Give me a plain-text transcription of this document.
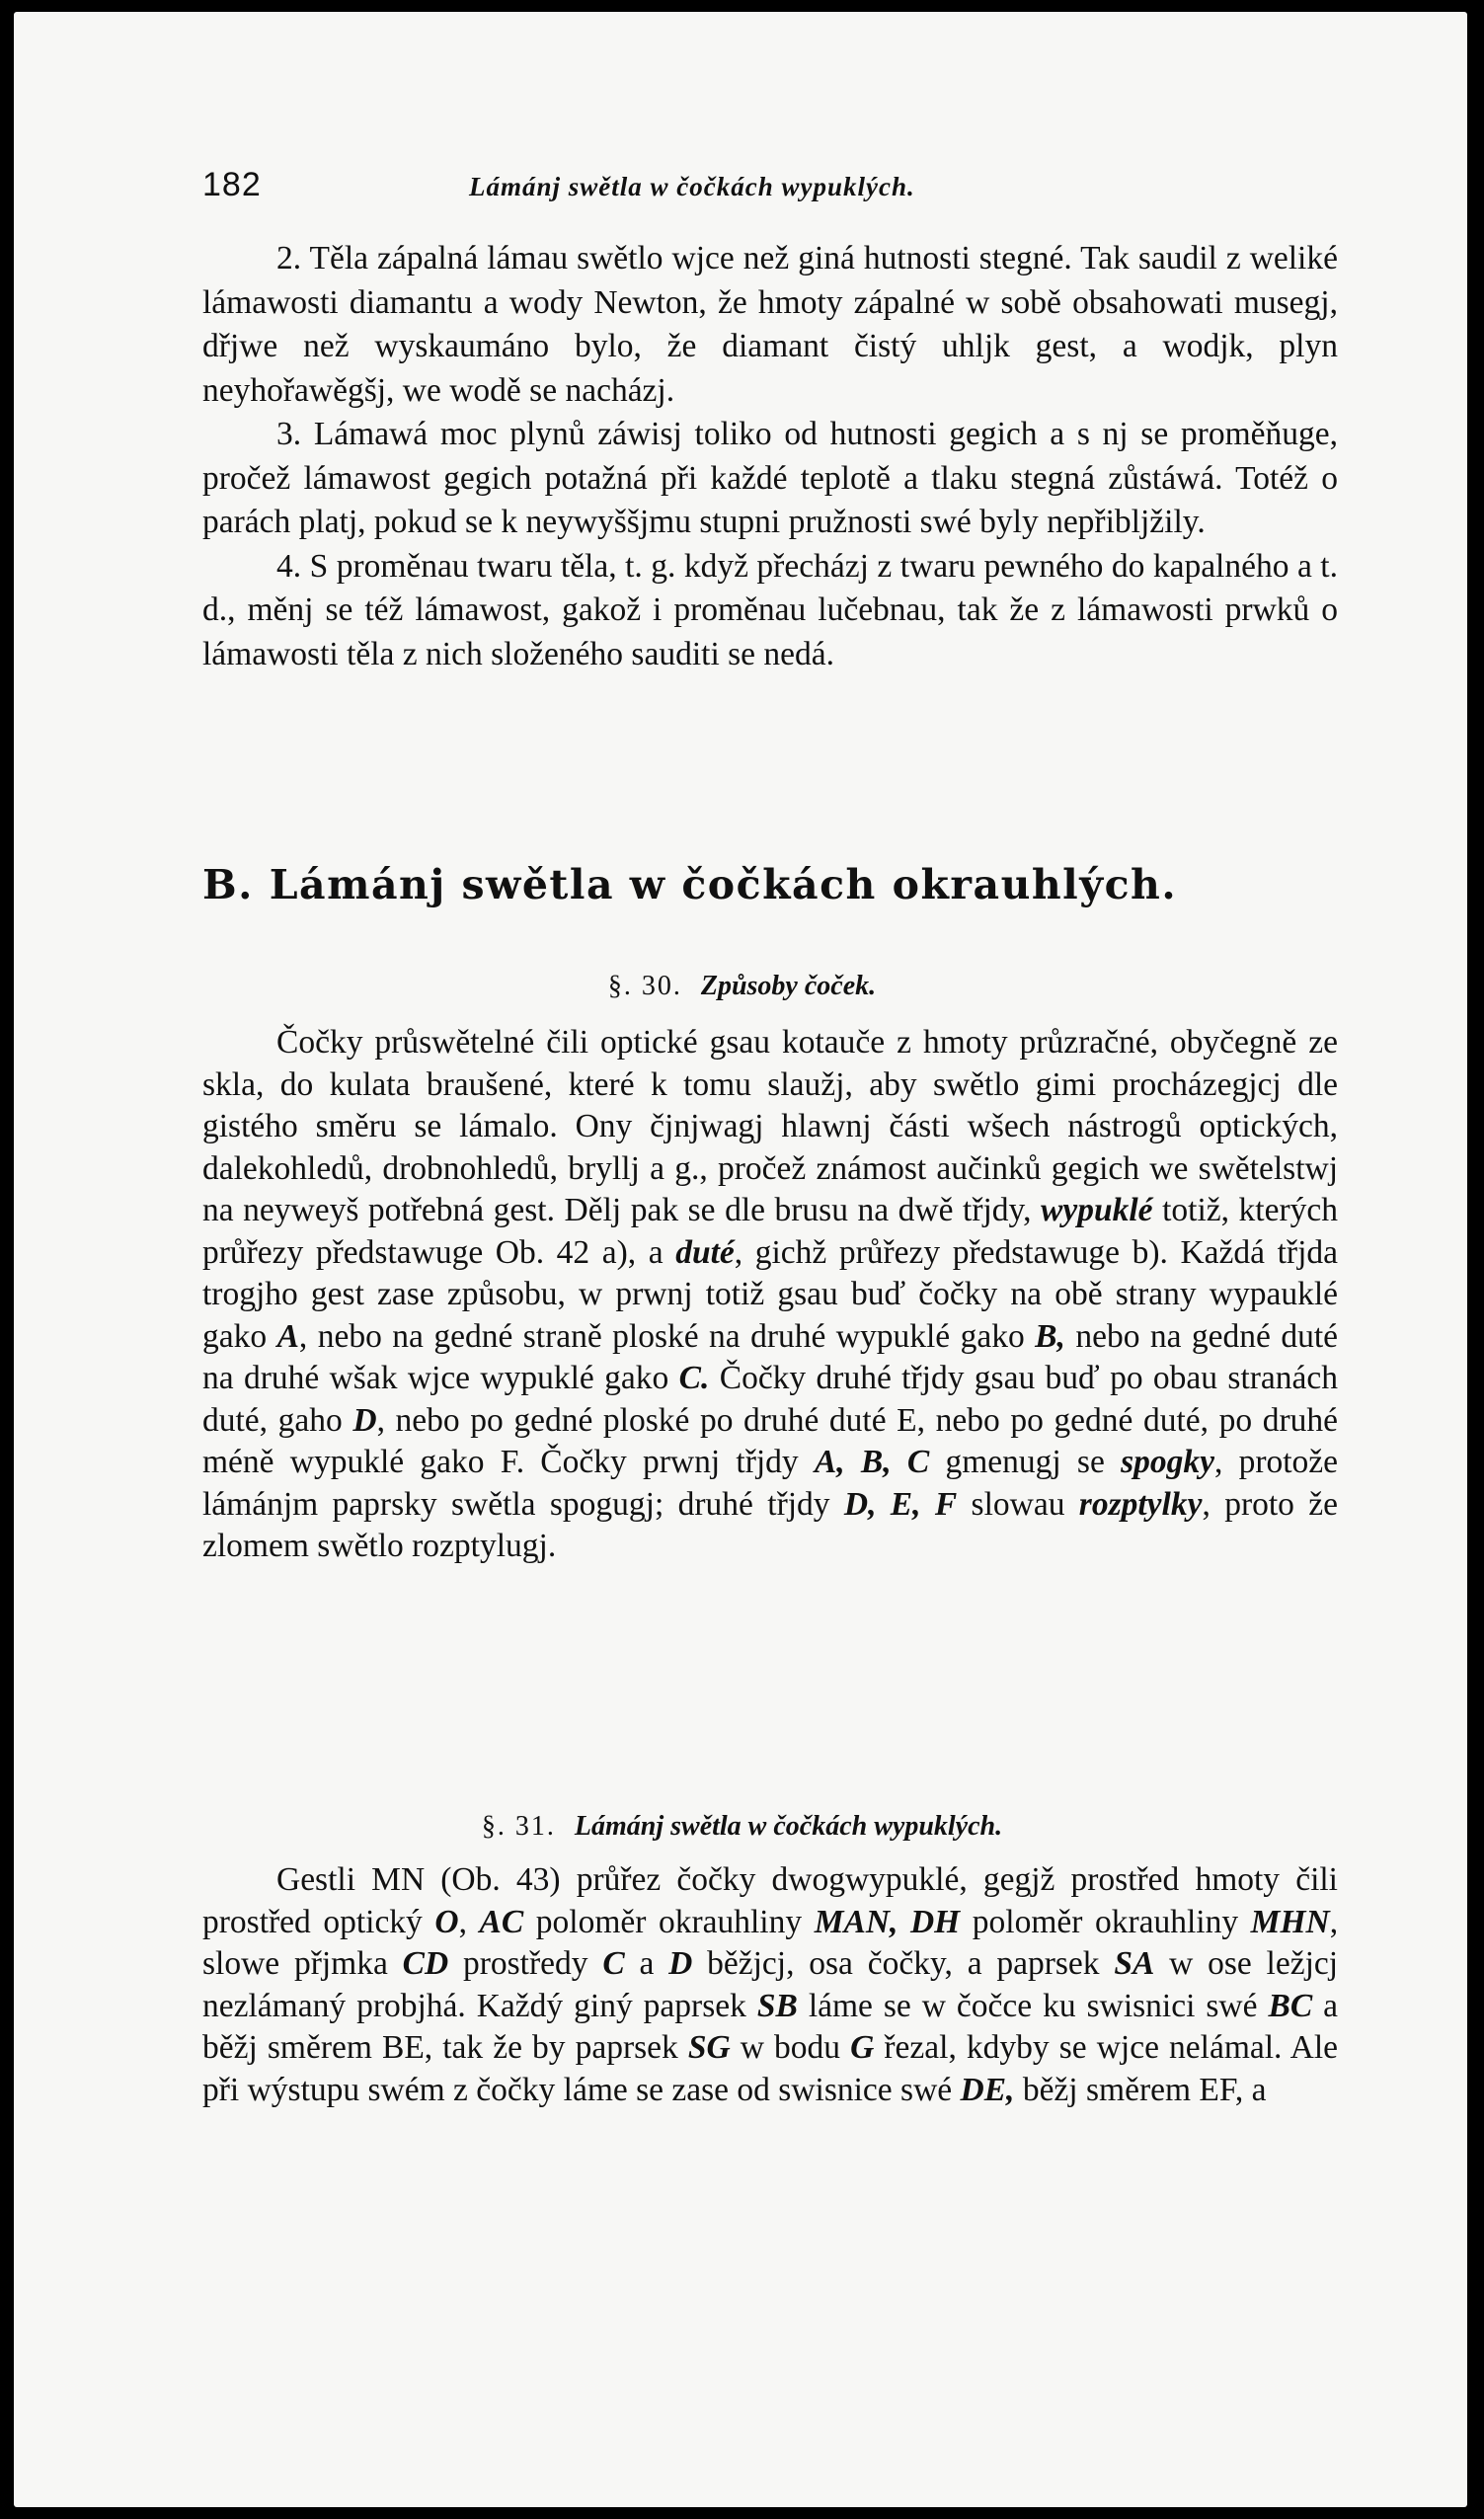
182	Lámánj swětla w čočkách wypuklých.

2. Těla zápalná lámau swětlo wjce než giná hutnosti stegné. Tak saudil z weliké lámawosti diamantu a wody Newton, že hmoty zápalné w sobě obsahowati musegj, dřjwe než wyskaumáno bylo, že diamant čistý uhljk gest, a wodjk, plyn neyhořawěgšj, we wodě se nacházj.

3. Lámawá moc plynů záwisj toliko od hutnosti gegich a s nj se proměňuge, pročež lámawost gegich potažná při každé teplotě a tlaku stegná zůstáwá. Totéž o parách platj, pokud se k neywyššjmu stupni pružnosti swé byly nepřibljžily.

4. S proměnau twaru těla, t. g. když přecházj z twaru pewného do kapalného a t. d., měnj se též lámawost, gakož i proměnau lučebnau, tak že z lámawosti prwků o lámawosti těla z nich složeného sauditi se nedá.

B. Lámánj swětla w čočkách okrauhlých.
§. 30. Způsoby čoček.

Čočky průswětelné čili optické gsau kotauče z hmoty průzračné, obyčegně ze skla, do kulata braušené, které k tomu slaužj, aby swětlo gimi procházegjcj dle gistého směru se lámalo. Ony čjnjwagj hlawnj části wšech nástrogů optických, dalekohledů, drobnohledů, bryllj a g., pročež známost aučinků gegich we swětelstwj na neyweyš potřebná gest. Dělj pak se dle brusu na dwě třjdy, wypuklé totiž, kterých průřezy předstawuge Ob. 42 a), a duté, gichž průřezy předstawuge b). Každá třjda trogjho gest zase způsobu, w prwnj totiž gsau buď čočky na obě strany wypauklé gako A, nebo na gedné straně ploské na druhé wypuklé gako B, nebo na gedné duté na druhé wšak wjce wypuklé gako C. Čočky druhé třjdy gsau buď po obau stranách duté, gaho D, nebo po gedné ploské po druhé duté E, nebo po gedné duté, po druhé méně wypuklé gako F. Čočky prwnj třjdy A, B, C gmenugj se spogky, protože lámánjm paprsky swětla spogugj; druhé třjdy D, E, F slowau rozptylky, proto že zlomem swětlo rozptylugj.

§. 31. Lámánj swětla w čočkách wypuklých.

Gestli MN (Ob. 43) průřez čočky dwogwypuklé, gegjž prostřed hmoty čili prostřed optický O, AC poloměr okrauhliny MAN, DH poloměr okrauhliny MHN, slowe přjmka CD prostředy C a D běžjcj, osa čočky, a paprsek SA w ose ležjcj nezlámaný probjhá. Každý giný paprsek SB láme se w čočce ku swisnici swé BC a běžj směrem BE, tak že by paprsek SG w bodu G řezal, kdyby se wjce nelámal. Ale při wýstupu swém z čočky láme se zase od swisnice swé DE, běžj směrem EF, a
